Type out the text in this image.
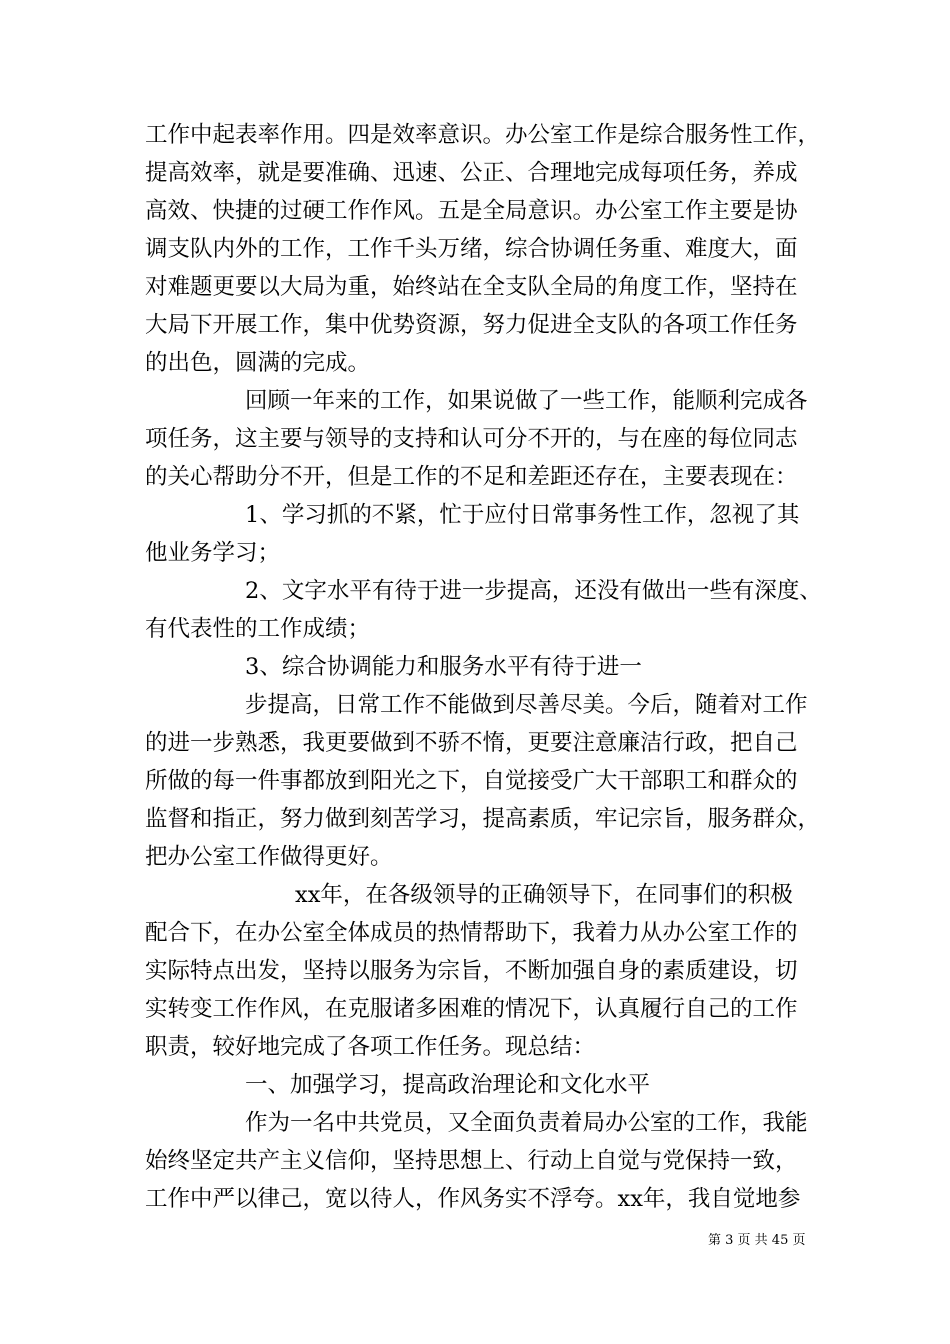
工作中起表率作用。四是效率意识。办公室工作是综合服务性工作，
提高效率，就是要准确、迅速、公正、合理地完成每项任务，养成
高效、快捷的过硬工作作风。五是全局意识。办公室工作主要是协
调支队内外的工作，工作千头万绪，综合协调任务重、难度大，面
对难题更要以大局为重，始终站在全支队全局的角度工作，坚持在
大局下开展工作，集中优势资源，努力促进全支队的各项工作任务
的出色，圆满的完成。
回顾一年来的工作，如果说做了一些工作，能顺利完成各
项任务，这主要与领导的支持和认可分不开的，与在座的每位同志
的关心帮助分不开，但是工作的不足和差距还存在，主要表现在：
1、学习抓的不紧，忙于应付日常事务性工作，忽视了其
他业务学习；
2、文字水平有待于进一步提高，还没有做出一些有深度、
有代表性的工作成绩；
3、综合协调能力和服务水平有待于进一
步提高，日常工作不能做到尽善尽美。今后，随着对工作
的进一步熟悉，我更要做到不骄不惰，更要注意廉洁行政，把自己
所做的每一件事都放到阳光之下，自觉接受广大干部职工和群众的
监督和指正，努力做到刻苦学习，提高素质，牢记宗旨，服务群众，
把办公室工作做得更好。
xx年，在各级领导的正确领导下，在同事们的积极
配合下，在办公室全体成员的热情帮助下，我着力从办公室工作的
实际特点出发，坚持以服务为宗旨，不断加强自身的素质建设，切
实转变工作作风，在克服诸多困难的情况下，认真履行自己的工作
职责，较好地完成了各项工作任务。现总结：
一、加强学习，提高政治理论和文化水平
作为一名中共党员，又全面负责着局办公室的工作，我能
始终坚定共产主义信仰，坚持思想上、行动上自觉与党保持一致，
工作中严以律己，宽以待人，作风务实不浮夸。xx年，我自觉地参
第 3 页 共 45 页
